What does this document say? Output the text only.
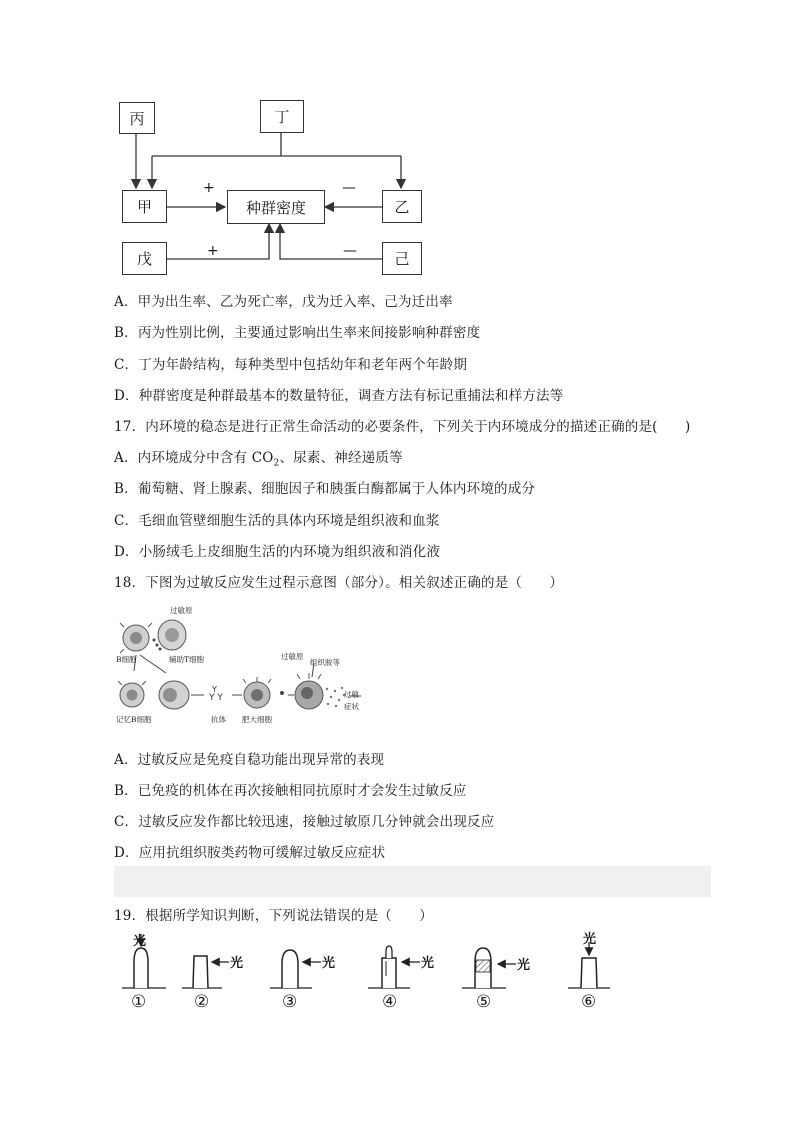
丙	丁
甲	种群密度	乙
戊	己
+	—
+	—
A．甲为出生率、乙为死亡率，戊为迁入率、己为迁出率
B．丙为性别比例，主要通过影响出生率来间接影响种群密度
C．丁为年龄结构，每种类型中包括幼年和老年两个年龄期
D．种群密度是种群最基本的数量特征，调查方法有标记重捕法和样方法等
17．内环境的稳态是进行正常生命活动的必要条件，下列关于内环境成分的描述正确的是(　　)
A．内环境成分中含有 $CO_2$、尿素、神经递质等
B．葡萄糖、肾上腺素、细胞因子和胰蛋白酶都属于人体内环境的成分
C．毛细血管壁细胞生活的具体内环境是组织液和血浆
D．小肠绒毛上皮细胞生活的内环境为组织液和消化液
18．下图为过敏反应发生过程示意图（部分）。相关叙述正确的是（　　）
Y Y
Y
过敏原
B细胞	辅助T细胞
记忆B细胞	抗体 肥大细胞
过敏原
组织胺等
过敏
症状
A．过敏反应是免疫自稳功能出现异常的表现
B．已免疫的机体在再次接触相同抗原时才会发生过敏反应
C．过敏反应发作都比较迅速，接触过敏原几分钟就会出现反应
D．应用抗组织胺类药物可缓解过敏反应症状
19．根据所学知识判断，下列说法错误的是（　　）
光
光	光	光	光
光
①	②	③	④	⑤	⑥
